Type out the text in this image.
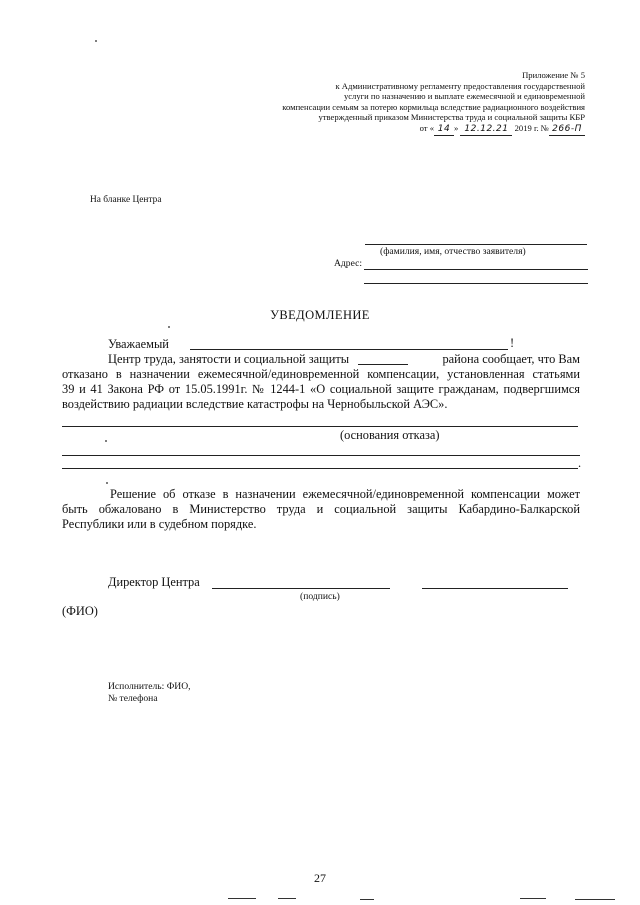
Приложение № 5
к Административному регламенту предоставления государственной
услуги по назначению и выплате ежемесячной и единовременной
компенсации семьям за потерю кормильца вследствие радиационного воздействия
утвержденный приказом Министерства труда и социальной защиты КБР
от « 14 » 12.12.21 2019 г. № 266-П
На бланке Центра
(фамилия, имя, отчество заявителя)
Адрес:
УВЕДОМЛЕНИЕ
Уважаемый	!
Центр труда, занятости и социальной защиты	района сообщает, что Вам
отказано в назначении ежемесячной/единовременной компенсации, установленная статьями
39 и 41 Закона РФ от 15.05.1991г. № 1244-1 «О социальной защите гражданам, подвергшимся
воздействию радиации вследствие катастрофы на Чернобыльской АЭС».
(основания отказа)
.
Решение об отказе в назначении ежемесячной/единовременной компенсации может
быть обжаловано в Министерство труда и социальной защиты Кабардино-Балкарской
Республики или в судебном порядке.
Директор Центра
(подпись)
(ФИО)
Исполнитель: ФИО,
№ телефона
27
